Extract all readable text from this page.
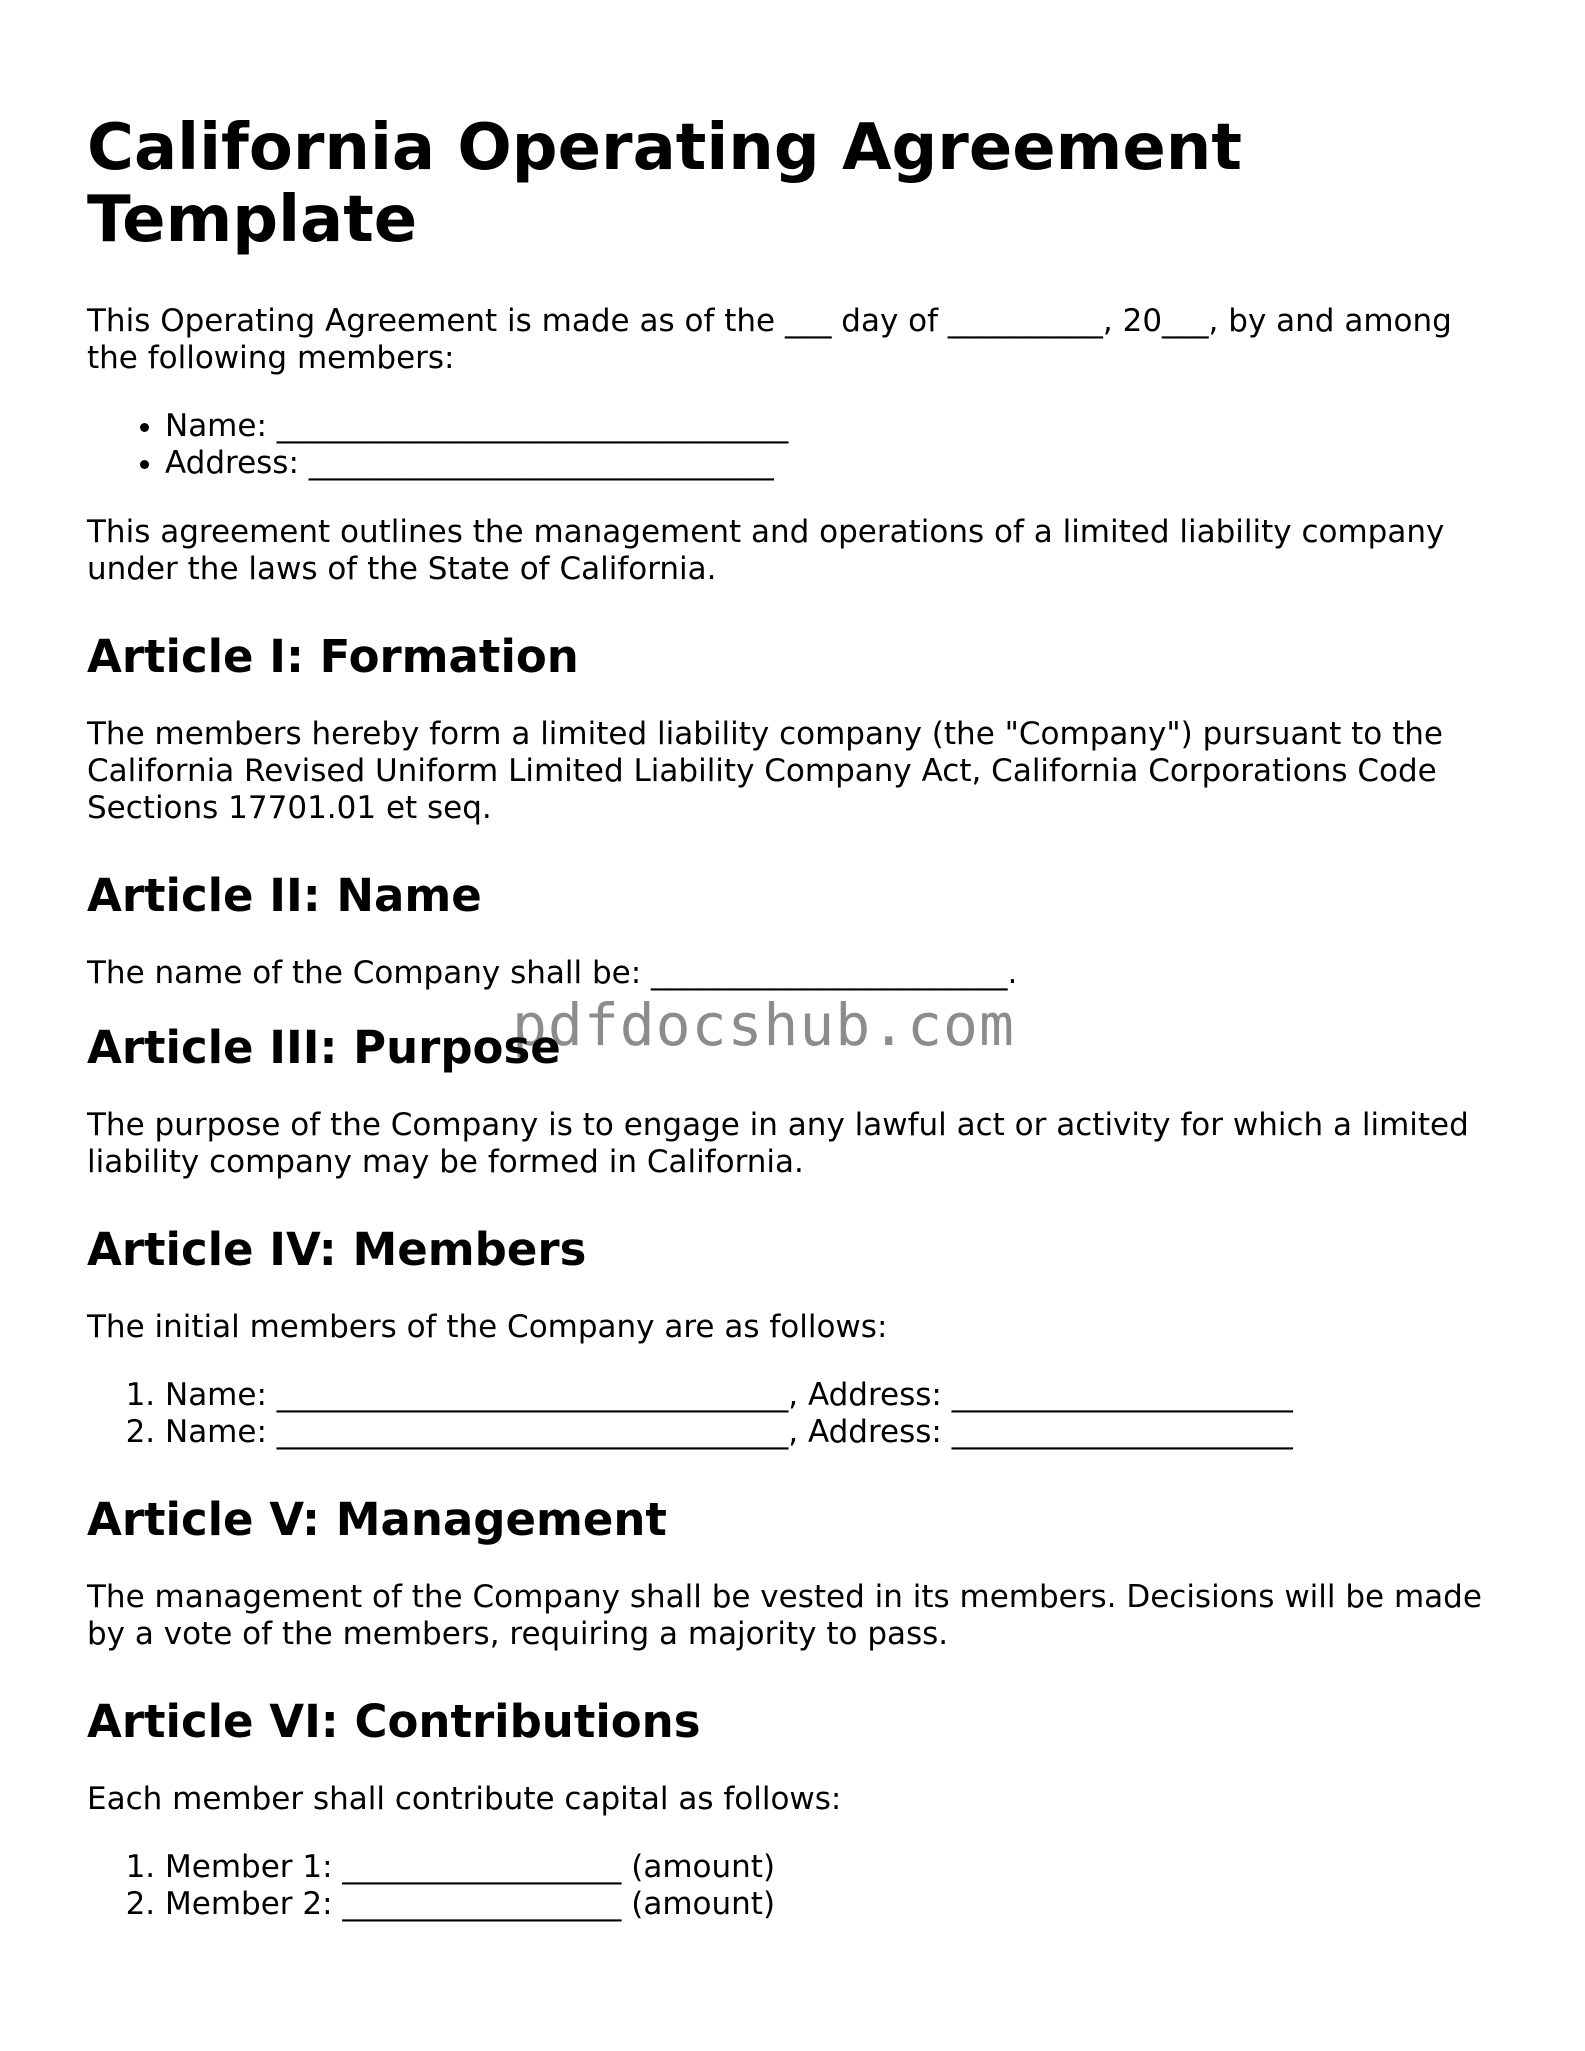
California Operating Agreement Template

This Operating Agreement is made as of the ___ day of __________, 20___, by and among the following members:

• Name: _________________________________
• Address: ______________________________

This agreement outlines the management and operations of a limited liability company under the laws of the State of California.

Article I: Formation

The members hereby form a limited liability company (the "Company") pursuant to the California Revised Uniform Limited Liability Company Act, California Corporations Code Sections 17701.01 et seq.

Article II: Name

The name of the Company shall be: _______________________.

Article III: Purpose

The purpose of the Company is to engage in any lawful act or activity for which a limited liability company may be formed in California.

Article IV: Members

The initial members of the Company are as follows:

1. Name: _________________________________, Address: ______________________
2. Name: _________________________________, Address: ______________________
Article V: Management

The management of the Company shall be vested in its members. Decisions will be made by a vote of the members, requiring a majority to pass.

Article VI: Contributions

Each member shall contribute capital as follows:

1. Member 1: __________________ (amount)
2. Member 2: __________________ (amount)
pdfdocshub.com
